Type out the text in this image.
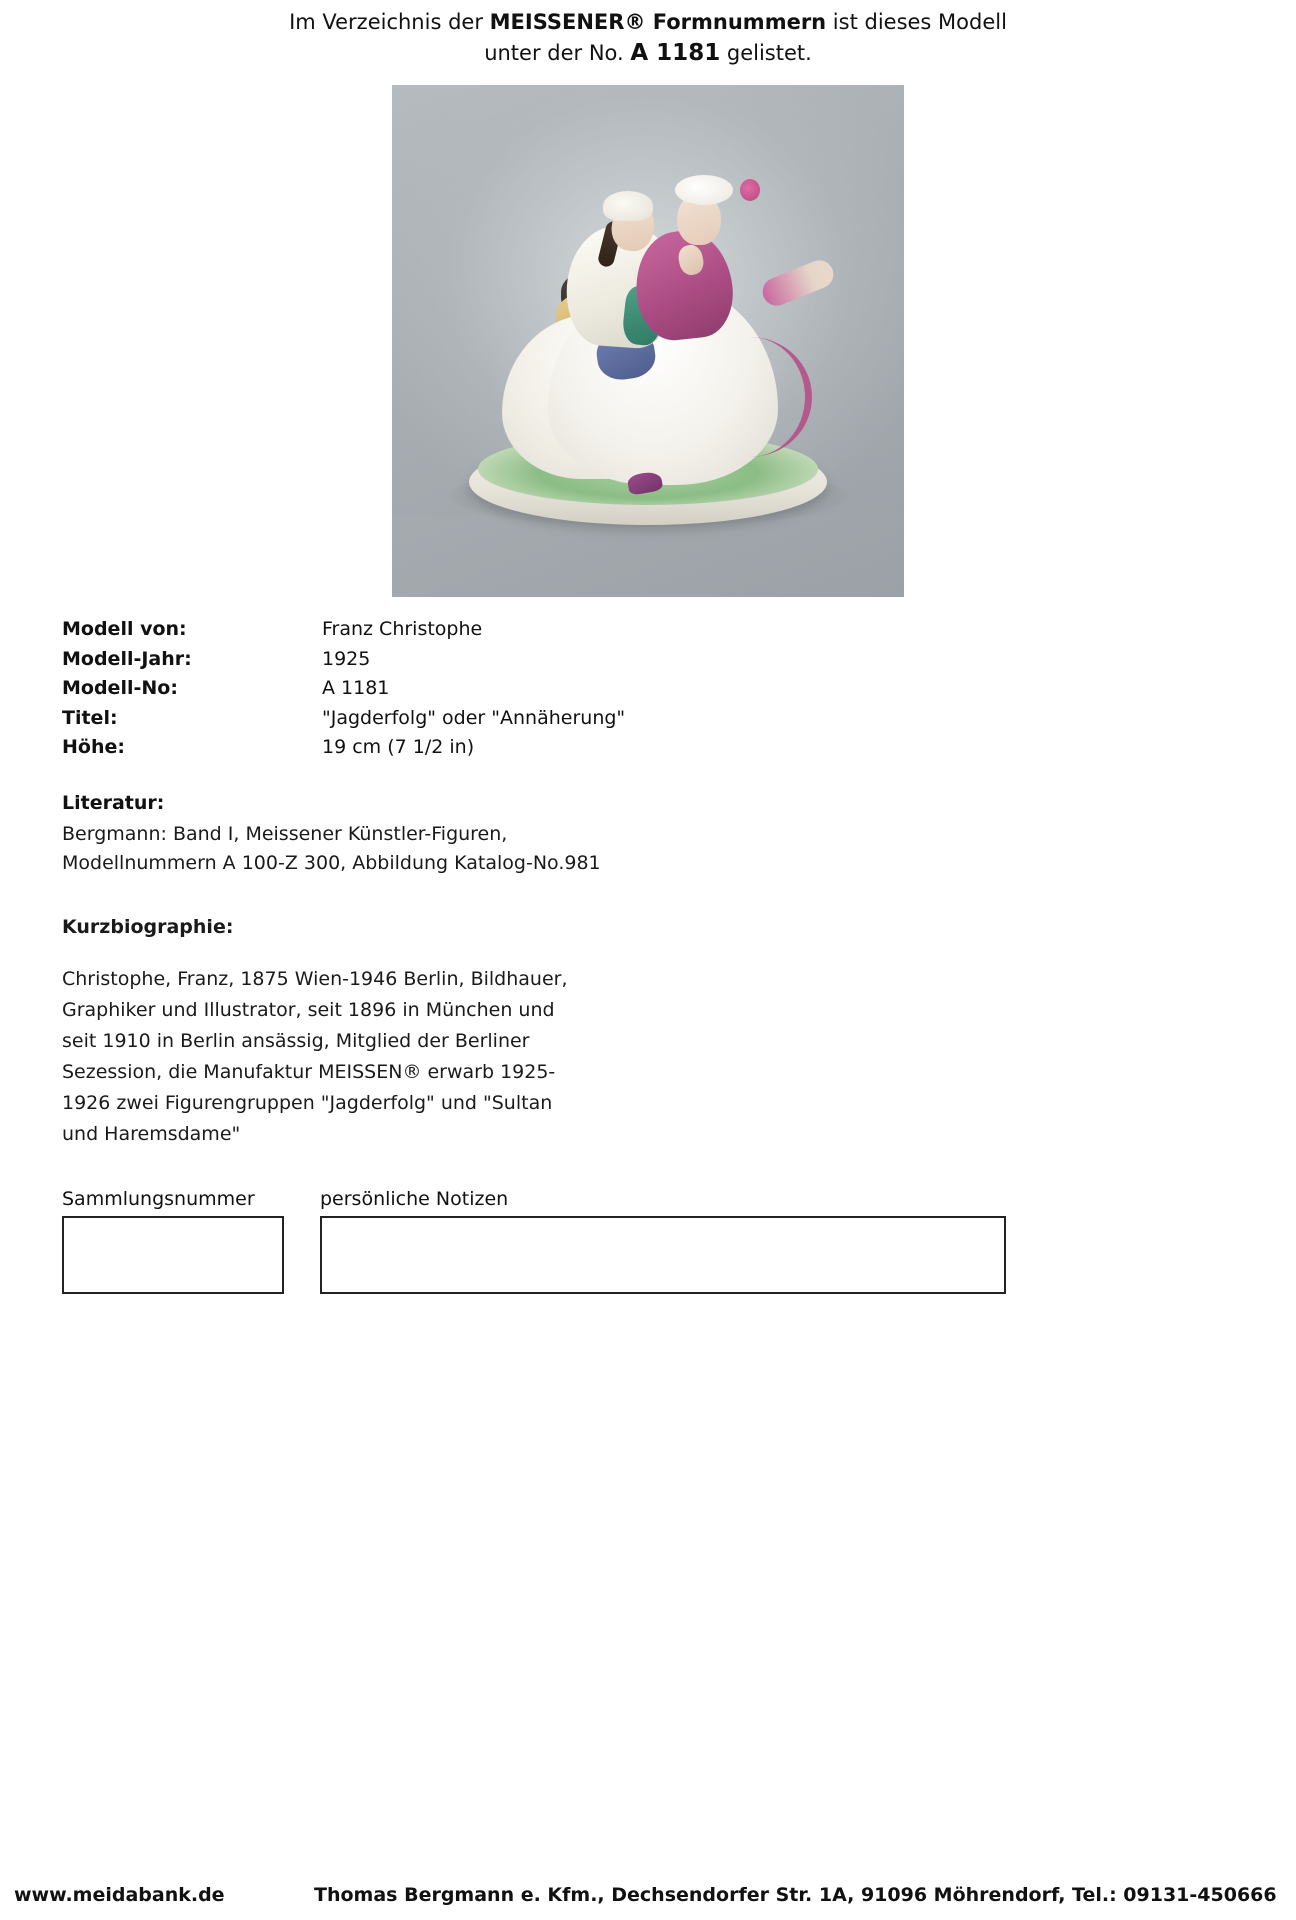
Im Verzeichnis der MEISSENER® Formnummern ist dieses Modell
unter der No. A 1181 gelistet.
Modell von:	Franz Christophe
Modell-Jahr:	1925
Modell-No:	A 1181
Titel:	"Jagderfolg" oder "Annäherung"
Höhe:	19 cm (7 1/2 in)
Literatur:
Bergmann: Band I, Meissener Künstler-Figuren,
Modellnummern A 100-Z 300, Abbildung Katalog-No.981
Kurzbiographie:
Christophe, Franz, 1875 Wien-1946 Berlin, Bildhauer,
Graphiker und Illustrator, seit 1896 in München und
seit 1910 in Berlin ansässig, Mitglied der Berliner
Sezession, die Manufaktur MEISSEN® erwarb 1925-
1926 zwei Figurengruppen "Jagderfolg" und "Sultan
und Haremsdame"
Sammlungsnummer	persönliche Notizen
www.meidabank.de	Thomas Bergmann e. Kfm., Dechsendorfer Str. 1A, 91096 Möhrendorf, Tel.: 09131-450666
